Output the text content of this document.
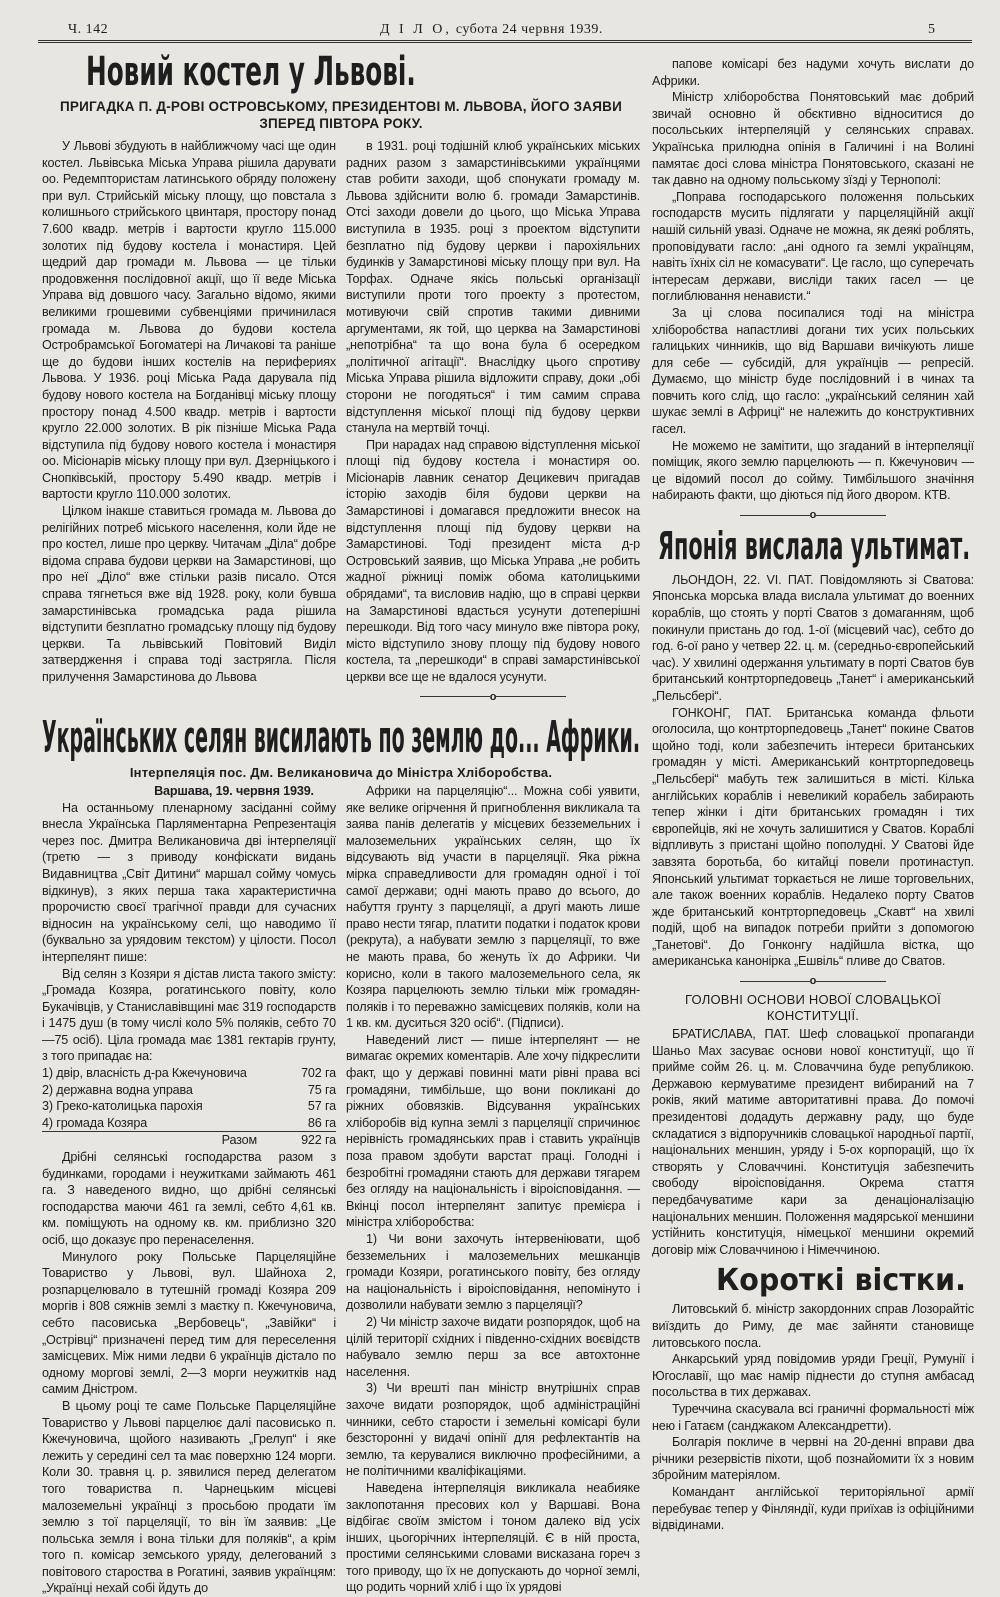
Ч. 142	Д І Л О, субота 24 червня 1939.	5
Новий костел у Львові.
ПРИГАДКА П. Д-РОВІ ОСТРОВСЬКОМУ, ПРЕЗИДЕНТОВІ М. ЛЬВОВА, ЙОГО ЗАЯВИ ЗПЕРЕД ПІВТОРА РОКУ.

У Львові збудують в найближчому часі ще один костел. Львівська Міська Управа рішила дарувати оо. Редемптористам латинського обряду положену при вул. Стрийській міську площу, що повстала з колишнього стрийського цвинтаря, простору понад 7.600 квадр. метрів і вартости кругло 115.000 золотих під будову костела і монастиря. Цей щедрий дар громади м. Львова — це тільки продовження послідовної акції, що її веде Міська Управа від довшого часу. Загально відомо, якими великими грошевими субвенціями причинилася громада м. Львова до будови костела Остробрамської Богоматері на Личакові та раніше ще до будови інших костелів на перифериях Львова. У 1936. році Міська Рада дарувала під будову нового костела на Богданівці міську площу простору понад 4.500 квадр. метрів і вартости кругло 22.000 золотих. В рік пізніше Міська Рада відступила під будову нового костела і монастиря оо. Місіонарів міську площу при вул. Дзерніцького і Снопківській, простору 5.490 квадр. метрів і вартости кругло 110.000 золотих.

Цілком інакше ставиться громада м. Львова до релігійних потреб міського населення, коли йде не про костел, лише про церкву. Читачам „Діла“ добре відома справа будови церкви на Замарстинові, що про неї „Діло“ вже стільки разів писало. Отся справа тягнеться вже від 1928. року, коли бувша замарстинівська громадська рада рішила відступити безплатно громадську площу під будову церкви. Та львівський Повітовий Виділ затвердження і справа тоді застрягла. Після прилучення Замарстинова до Львова

в 1931. році тодішній клюб українських міських радних разом з замарстинівськими українцями став робити заходи, щоб спонукати громаду м. Львова здійснити волю б. громади Замарстинів. Отсі заходи довели до цього, що Міська Управа виступила в 1935. році з проектом відступити безплатно під будову церкви і парохіяльних будинків у Замарстинові міську площу при вул. На Торфах. Одначе якісь польські організації виступили проти того проекту з протестом, мотивуючи свій спротив такими дивними аргументами, як той, що церква на Замарстинові „непотрібна“ та що вона була б осередком „політичної агітації“. Внаслідку цього спротиву Міська Управа рішила відложити справу, доки „обі сторони не погодяться“ і тим самим справа відступлення міської площі під будову церкви станула на мертвій точці.

При нарадах над справою відступлення міської площі під будову костела і монастиря оо. Місіонарів лавник сенатор Децикевич пригадав історію заходів біля будови церкви на Замарстинові і домагався предложити внесок на відступлення площі під будову церкви на Замарстинові. Тоді президент міста д-р Островський заявив, що Міська Управа „не робить жадної ріжниці поміж обома католицькими обрядами“, та висловив надію, що в справі церкви на Замарстинові вдасться усунути дотеперішні перешкоди. Від того часу минуло вже півтора року, місто відступило знову площу під будову нового костела, та „перешкоди“ в справі замарстинівської церкви все ще не вдалося усунути.

o
Українських селян висилають по землю до... Африки.
Інтерпеляція пос. Дм. Великановича до Міністра Хліборобства.
Варшава, 19. червня 1939.

На останньому пленарному засіданні сойму внесла Українська Парляментарна Репрезентація через пос. Дмитра Великановича дві інтерпеляції (третю — з приводу конфіскати видань Видавництва „Світ Дитини“ маршал сойму чомусь відкинув), з яких перша така характеристична пророчистю своєї трагічної правди для сучасних відносин на українському селі, що наводимо її (буквально за урядовим текстом) у цілости. Посол інтерпелянт пише:

Від селян з Козяри я дістав листа такого змісту: „Громада Козяра, рогатинського повіту, коло Букачівців, у Станиславівщині має 319 господарств і 1475 душ (в тому числі коло 5% поляків, себто 70—75 осіб). Ціла громада має 1381 гектарів грунту, з того припадає на:

1) двір, власність д-ра Кжечуновича	702 га
2) державна водна управа	75 га
3) Греко-католицька парохія	57 га
4) громада Козяра	86 га
Разом	922 га

Дрібні селянські господарства разом з будинками, городами і неужитками займають 461 га. З наведеного видно, що дрібні селянські господарства маючи 461 га землі, себто 4,61 кв. км. поміщують на одному кв. км. приблизно 320 осіб, що доказує про перенаселення.

Минулого року Польське Парцеляційне Товариство у Львові, вул. Шайноха 2, розпарцелювало в тутешній громаді Козяра 209 моргів і 808 сяжнів землі з маєтку п. Кжечуновича, себто пасовиська „Вербовець“, „Завійки“ і „Острівці“ призначені перед тим для переселення замісцевих. Між ними ледви 6 українців дістало по одному моргові землі, 2—3 морги неужитків над самим Дністром.

В цьому році те саме Польське Парцеляційне Товариство у Львові парцелює далі пасовисько п. Кжечуновича, щойого називають „Грелуп“ і яке лежить у середині сел та має поверхню 124 морги. Коли 30. травня ц. р. зявилися перед делегатом того товариства п. Чарнецьким місцеві малоземельні українці з просьбою продати їм землю з тої парцеляції, то він їм заявив: „Це польська земля і вона тільки для поляків“, а крім того п. комісар земського уряду, делегований з повітового староства в Рогатині, заявив українцям: „Українці нехай собі йдуть до

Африки на парцеляцію“... Можна собі уявити, яке велике огірчення й пригноблення викликала та заява панів делегатів у місцевих безземельних і малоземельних українських селян, що їх відсувають від участи в парцеляції. Яка ріжна мірка справедливости для громадян одної і тої самої держави; одні мають право до всього, до набуття грунту з парцеляції, а другі мають лише право нести тягар, платити податки і податок крови (рекрута), а набувати землю з парцеляції, то вже не мають права, бо женуть їх до Африки. Чи корисно, коли в такого малоземельного села, як Козяра парцелюють землю тільки між громадян-поляків і то переважно замісцевих поляків, коли на 1 кв. км. дуситься 320 осіб“. (Підписи).

Наведений лист — пише інтерпелянт — не вимагає окремих коментарів. Але хочу підкреслити факт, що у державі повинні мати рівні права всі громадяни, тимбільше, що вони покликані до ріжних обовязків. Відсування українських хліборобів від купна землі з парцеляції спричинює нерівність громадянських прав і ставить українців поза правом здобути варстат праці. Голодні і безробітні громадяни стають для держави тягарем без огляду на національність і віроісповідання. — Вкінці посол інтерпелянт запитує премієра і міністра хліборобства:

1) Чи вони захочуть інтервеніювати, щоб безземельних і малоземельних мешканців громади Козяри, рогатинського повіту, без огляду на національність і віроісповідання, непомінуто і дозволили набувати землю з парцеляції?

2) Чи міністр захоче видати розпорядок, щоб на цілій території східних і південно-східних воєвідств набувало землю перш за все автохтонне населення.

3) Чи врешті пан міністр внутрішніх справ захоче видати розпорядок, щоб адміністраційні чинники, себто старости і земельні комісарі були безсторонні у видачі опінії для рефлектантів на землю, та керувалися виключно професійними, а не політичними кваліфікаціями.

Наведена інтерпеляція викликала неабияке заклопотання пресових кол у Варшаві. Вона відбігає своїм змістом і тоном далеко від усіх інших, цьогорічних інтерпеляцій. Є в ній проста, простими селянськими словами висказана гореч з того приводу, що їх не допускають до чорної землі, що родить чорний хліб і що їх урядові

папове комісарі без надуми хочуть вислати до Африки.

Міністр хліборобства Понятовський має добрий звичай основно й обєктивно відноситися до посольських інтерпеляцій у селянських справах. Українська прилюдна опінія в Галичині і на Волині памятає досі слова міністра Понятовського, сказані не так давно на одному польському зїзді у Тернополі:

„Поправа господарського положення польських господарств мусить підлягати у парцеляційній акції нашій сильній увазі. Одначе не можна, як деякі роблять, проповідувати гасло: „ані одного га землі українцям, навіть їхніх сіл не комасувати“. Це гасло, що суперечать інтересам держави, висліди таких гасел — це поглиблювання ненависти.“

За ці слова посипалися тоді на міністра хліборобства напастливі догани тих усих польських галицьких чинників, що від Варшави вичікують лише для себе — субсидій, для українців — репресій. Думаємо, що міністр буде послідовний і в чинах та повчить кого слід, що гасло: „український селянин хай шукає землі в Африці“ не належить до конструктивних гасел.

Не можемо не замітити, що згаданий в інтерпеляції поміщик, якого землю парцелюють — п. Кжечунович — це відомий посол до сойму. Тимбільшого значіння набирають факти, що діються під його двором. КТВ.

o
Японія вислала ультимат.

ЛЬОНДОН, 22. VI. ПАТ. Повідомляють зі Сватова: Японська морська влада вислала ультимат до военних кораблів, що стоять у порті Сватов з домаганням, щоб покинули пристань до год. 1-ої (місцевий час), себто до год. 6-ої рано у четвер 22. ц. м. (середньо-європейський час). У хвилині одержання ультимату в порті Сватов був британський контрторпедовець „Танет“ і американський „Пельсбері“.

ГОНКОНГ, ПАТ. Британська команда фльоти оголосила, що контрторпедовець „Танет“ покине Сватов щойно тоді, коли забезпечить інтереси британських громадян у місті. Американський контрторпедовець „Пельсбері“ мабуть теж залишиться в місті. Кілька англійських кораблів і невеликий корабель забирають тепер жінки і діти британських громадян і тих європейців, які не хочуть залишитися у Сватов. Кораблі відпливуть з пристані щойно пополудні. У Сватові йде завзята боротьба, бо китайці повели протинаступ. Японський ультимат торкається не лише торговельних, але також военних кораблів. Недалеко порту Сватов жде британський контрторпедовець „Скавт“ на хвилі подій, щоб на випадок потреби прийти з допомогою „Танетові“. До Гонконгу надійшла вістка, що американська канонірка „Ешвіль“ пливе до Сватов.

o
ГОЛОВНІ ОСНОВИ НОВОЇ СЛОВАЦЬКОЇ КОНСТИТУЦІЇ.

БРАТИСЛАВА, ПАТ. Шеф словацької пропаганди Шаньо Мах засуває основи нової конституції, що її прийме сойм 26. ц. м. Словаччина буде републикою. Державою кермуватиме президент вибираний на 7 років, який матиме авторитативні права. До помочі президентові додадуть державну раду, що буде складатися з відпоручників словацької народньої партії, національних меншин, уряду і 5-ох корпорацій, що їх створять у Словаччині. Конституція забезпечить свободу віроісповідання. Окрема стаття передбачуватиме кари за денаціоналізацію національних меншин. Положення мадярської меншини устійнить конституція, німецької меншини окремий договір між Словаччиною і Німеччиною.

Короткі вістки.

Литовський б. міністр закордонних справ Лозорайтіс виїздить до Риму, де має зайняти становище литовського посла.

Анкарський уряд повідомив уряди Греції, Румунії і Югославії, що має намір піднести до ступня амбасад посольства в тих державах.

Туреччина скасувала всі граничні формальності між нею і Гатаєм (санджаком Александретти).

Болгарія покличе в червні на 20-денні вправи два річники резервістів піхоти, щоб познайомити їх з новим збройним матеріялом.

Командант англійської територіяльної армії перебуває тепер у Фінляндії, куди приїхав із офіційними відвідинами.
